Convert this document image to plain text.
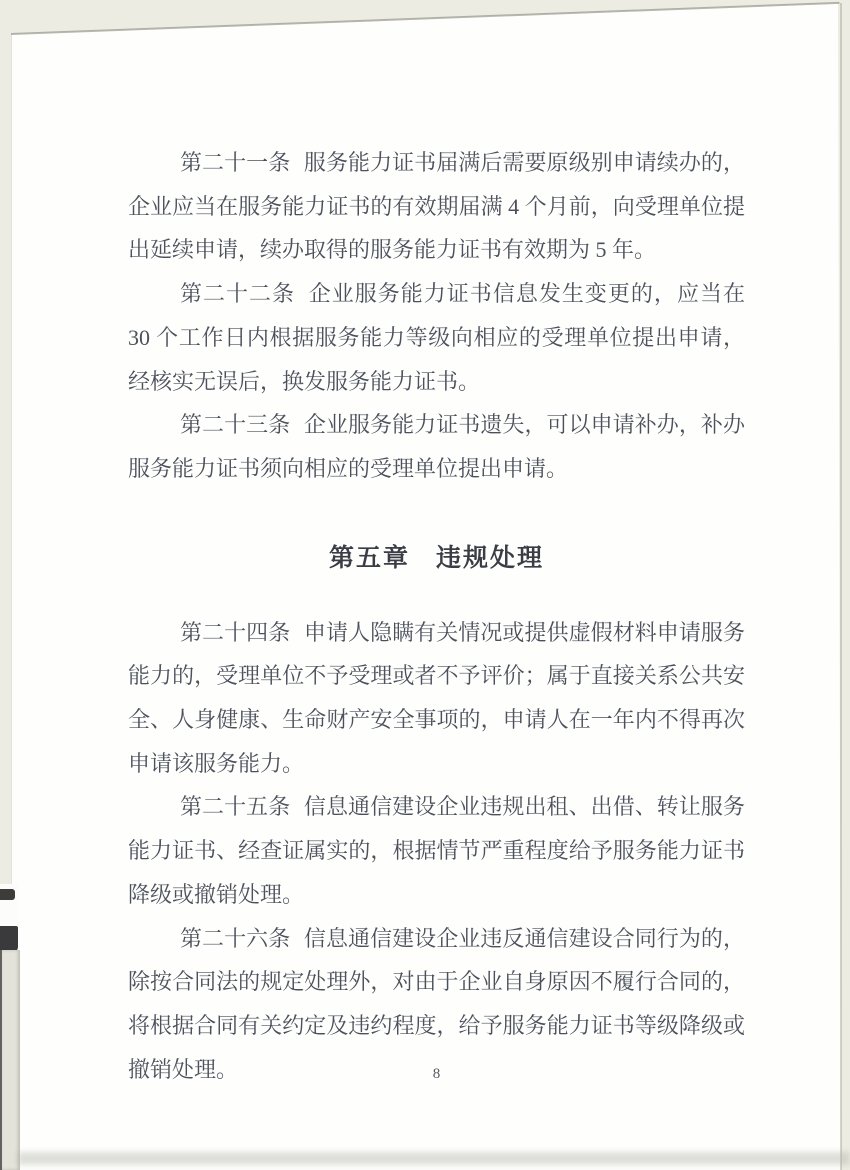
第二十一条 服务能力证书届满后需要原级别申请续办的，企业应当在服务能力证书的有效期届满 4 个月前，向受理单位提出延续申请，续办取得的服务能力证书有效期为 5 年。

第二十二条 企业服务能力证书信息发生变更的，应当在 30 个工作日内根据服务能力等级向相应的受理单位提出申请，经核实无误后，换发服务能力证书。

第二十三条 企业服务能力证书遗失，可以申请补办，补办服务能力证书须向相应的受理单位提出申请。

第五章 违规处理

第二十四条 申请人隐瞒有关情况或提供虚假材料申请服务能力的，受理单位不予受理或者不予评价；属于直接关系公共安全、人身健康、生命财产安全事项的，申请人在一年内不得再次申请该服务能力。

第二十五条 信息通信建设企业违规出租、出借、转让服务能力证书、经查证属实的，根据情节严重程度给予服务能力证书降级或撤销处理。

第二十六条 信息通信建设企业违反通信建设合同行为的，除按合同法的规定处理外，对由于企业自身原因不履行合同的，将根据合同有关约定及违约程度，给予服务能力证书等级降级或撤销处理。	8
